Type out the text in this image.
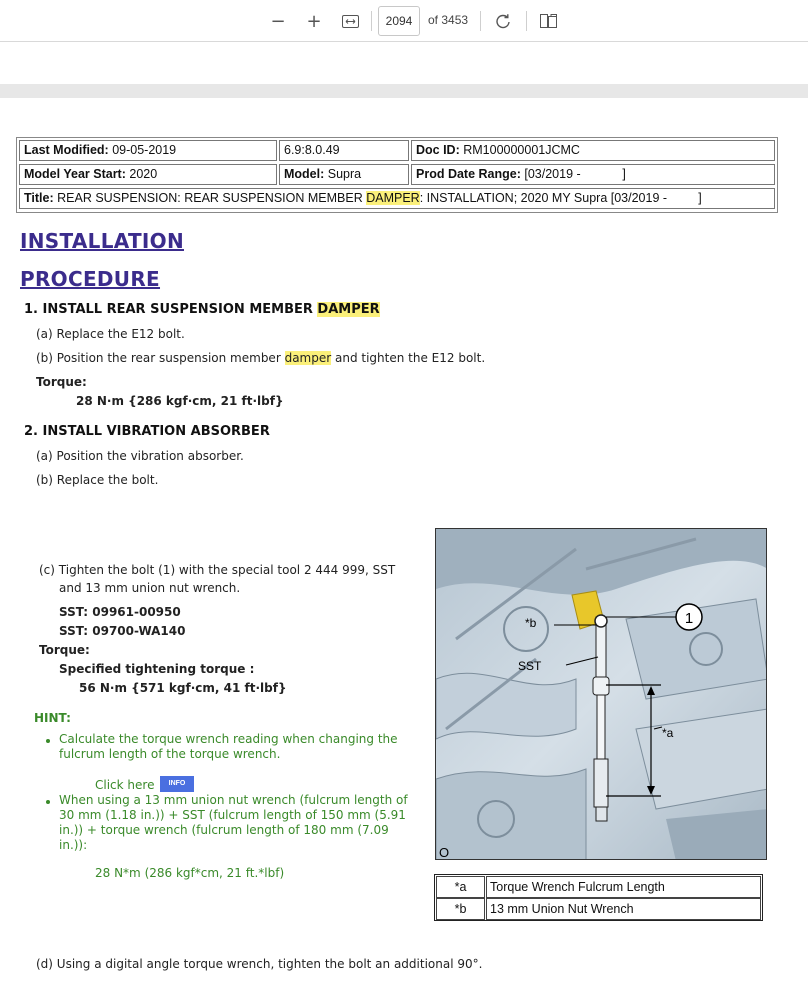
− +	2094	of 3453
Last Modified: 09-05-2019	6.9:8.0.49	Doc ID: RM100000001JCMC
Model Year Start: 2020	Model: Supra	Prod Date Range: [03/2019 -            ]
Title: REAR SUSPENSION: REAR SUSPENSION MEMBER DAMPER: INSTALLATION; 2020 MY Supra [03/2019 -         ]
INSTALLATION
PROCEDURE
1. INSTALL REAR SUSPENSION MEMBER DAMPER
(a) Replace the E12 bolt.
(b) Position the rear suspension member damper and tighten the E12 bolt.
Torque:
28 N·m {286 kgf·cm, 21 ft·lbf}
2. INSTALL VIBRATION ABSORBER
(a) Position the vibration absorber.
(b) Replace the bolt.
(c) Tighten the bolt (1) with the special tool 2 444 999, SST
and 13 mm union nut wrench.
SST: 09961-00950
SST: 09700-WA140
Torque:
Specified tightening torque :
56 N·m {571 kgf·cm, 41 ft·lbf}
HINT:
Calculate the torque wrench reading when changing the
fulcrum length of the torque wrench.
Click here	INFO
When using a 13 mm union nut wrench (fulcrum length of
30 mm (1.18 in.)) + SST (fulcrum length of 150 mm (5.91
in.)) + torque wrench (fulcrum length of 180 mm (7.09
in.)):
28 N*m (286 kgf*cm, 21 ft.*lbf)
1
*b
SST
*a
O
*a	Torque Wrench Fulcrum Length
*b	13 mm Union Nut Wrench
(d) Using a digital angle torque wrench, tighten the bolt an additional 90°.
